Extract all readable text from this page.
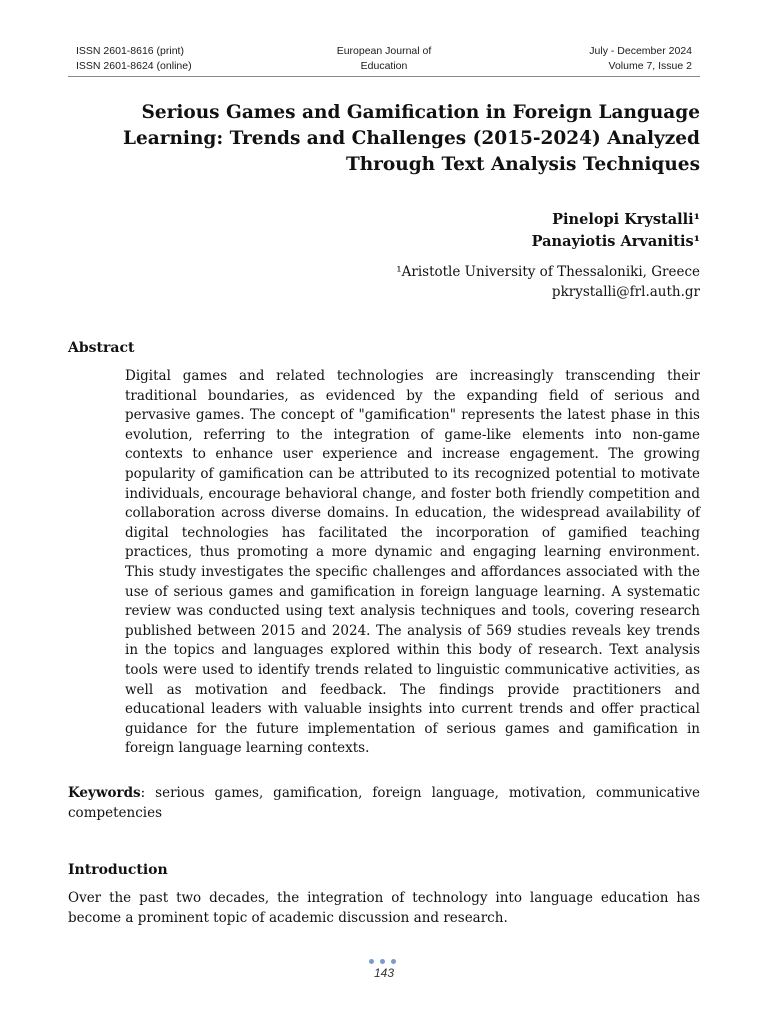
ISSN 2601-8616 (print)
ISSN 2601-8624 (online)
European Journal of
Education
July - December 2024
Volume 7, Issue 2
Serious Games and Gamification in Foreign Language
Learning: Trends and Challenges (2015-2024) Analyzed
Through Text Analysis Techniques
Pinelopi Krystalli¹
Panayiotis Arvanitis¹
¹Aristotle University of Thessaloniki, Greece
pkrystalli@frl.auth.gr
Abstract
Digital games and related technologies are increasingly transcending their traditional boundaries, as evidenced by the expanding field of serious and pervasive games. The concept of "gamification" represents the latest phase in this evolution, referring to the integration of game-like elements into non-game contexts to enhance user experience and increase engagement. The growing popularity of gamification can be attributed to its recognized potential to motivate individuals, encourage behavioral change, and foster both friendly competition and collaboration across diverse domains. In education, the widespread availability of digital technologies has facilitated the incorporation of gamified teaching practices, thus promoting a more dynamic and engaging learning environment. This study investigates the specific challenges and affordances associated with the use of serious games and gamification in foreign language learning. A systematic review was conducted using text analysis techniques and tools, covering research published between 2015 and 2024. The analysis of 569 studies reveals key trends in the topics and languages explored within this body of research. Text analysis tools were used to identify trends related to linguistic communicative activities, as well as motivation and feedback. The findings provide practitioners and educational leaders with valuable insights into current trends and offer practical guidance for the future implementation of serious games and gamification in foreign language learning contexts.
Keywords: serious games, gamification, foreign language, motivation, communicative competencies
Introduction
Over the past two decades, the integration of technology into language education has become a prominent topic of academic discussion and research.
143
